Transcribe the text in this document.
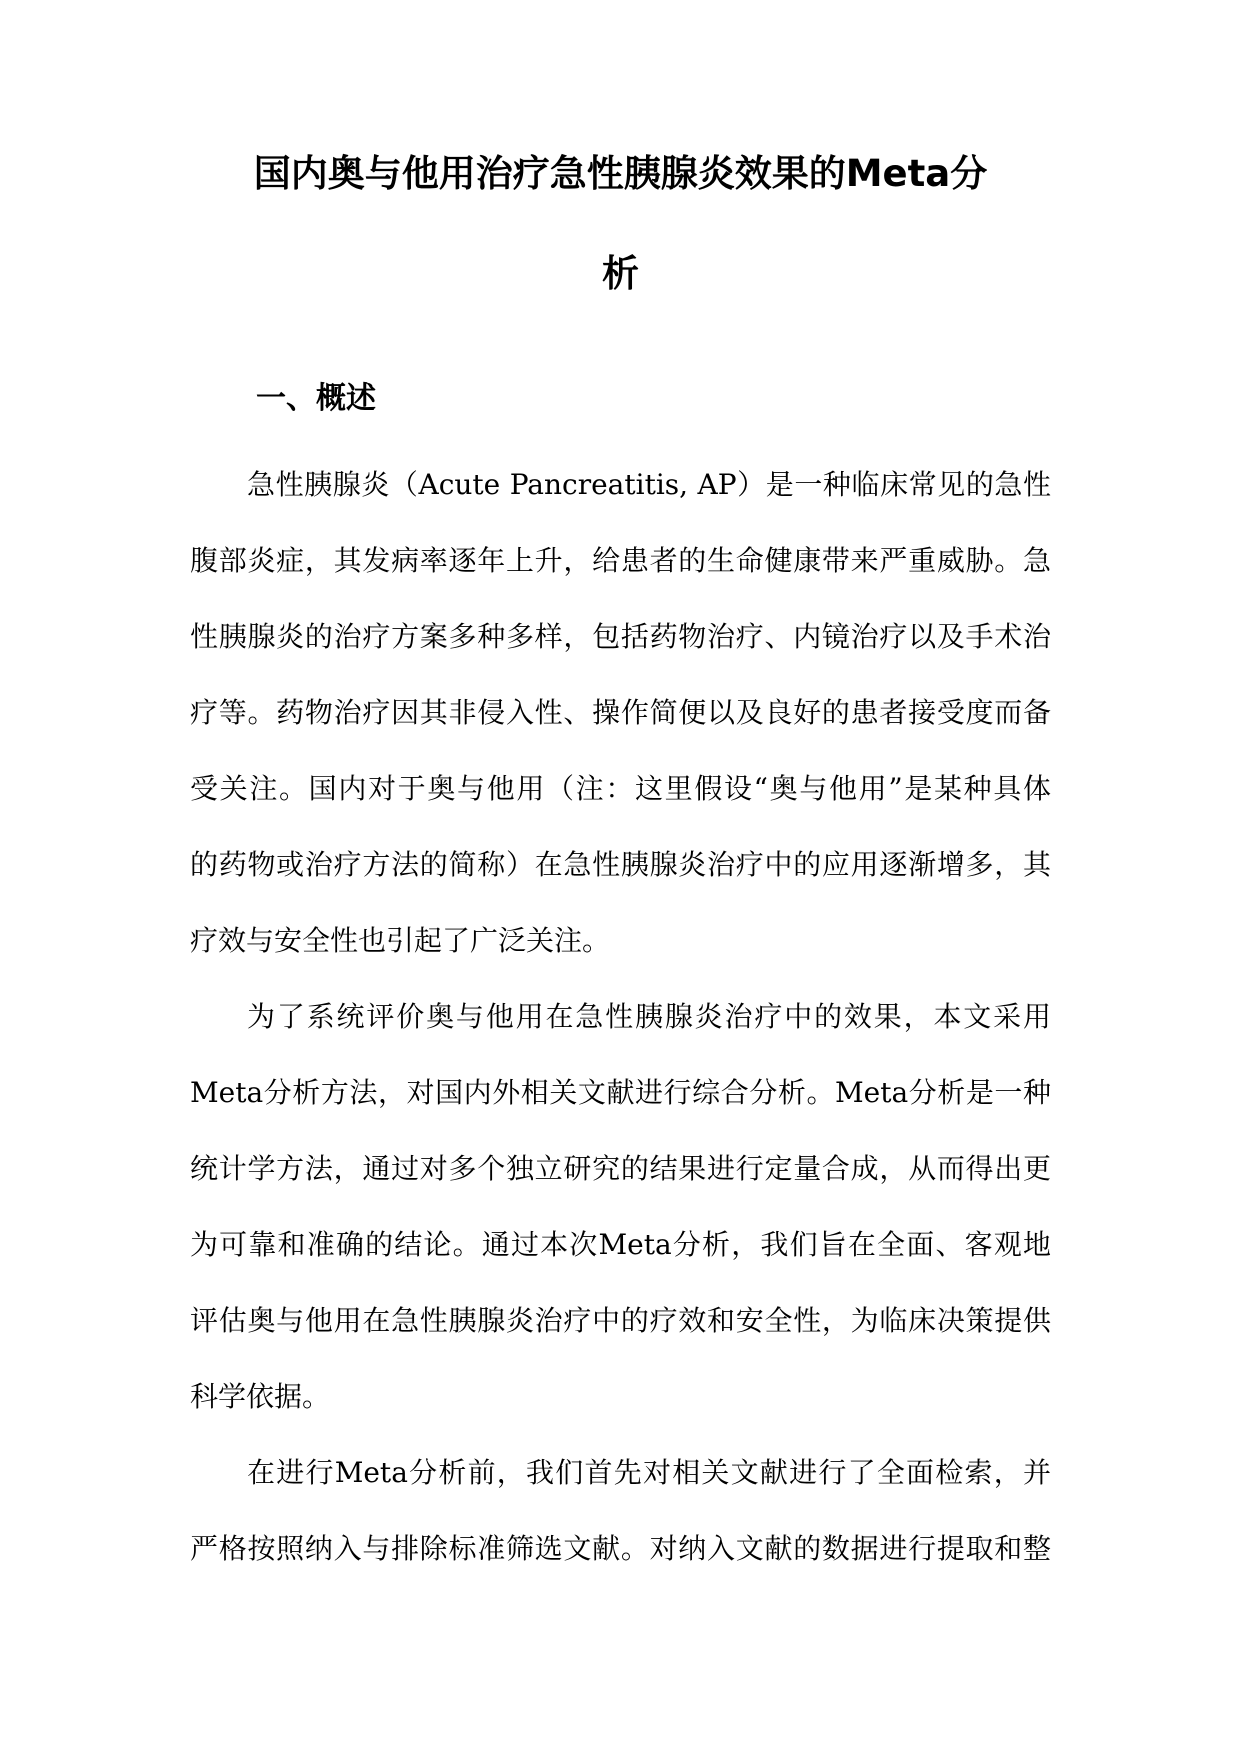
国内奥与他用治疗急性胰腺炎效果的Meta分
析
一、概述
急性胰腺炎（Acute Pancreatitis, AP）是一种临床常见的急性
腹部炎症，其发病率逐年上升，给患者的生命健康带来严重威胁。急
性胰腺炎的治疗方案多种多样，包括药物治疗、内镜治疗以及手术治
疗等。药物治疗因其非侵入性、操作简便以及良好的患者接受度而备
受关注。国内对于奥与他用（注：这里假设“奥与他用”是某种具体
的药物或治疗方法的简称）在急性胰腺炎治疗中的应用逐渐增多，其
疗效与安全性也引起了广泛关注。
为了系统评价奥与他用在急性胰腺炎治疗中的效果，本文采用
Meta分析方法，对国内外相关文献进行综合分析。Meta分析是一种
统计学方法，通过对多个独立研究的结果进行定量合成，从而得出更
为可靠和准确的结论。通过本次Meta分析，我们旨在全面、客观地
评估奥与他用在急性胰腺炎治疗中的疗效和安全性，为临床决策提供
科学依据。
在进行Meta分析前，我们首先对相关文献进行了全面检索，并
严格按照纳入与排除标准筛选文献。对纳入文献的数据进行提取和整
